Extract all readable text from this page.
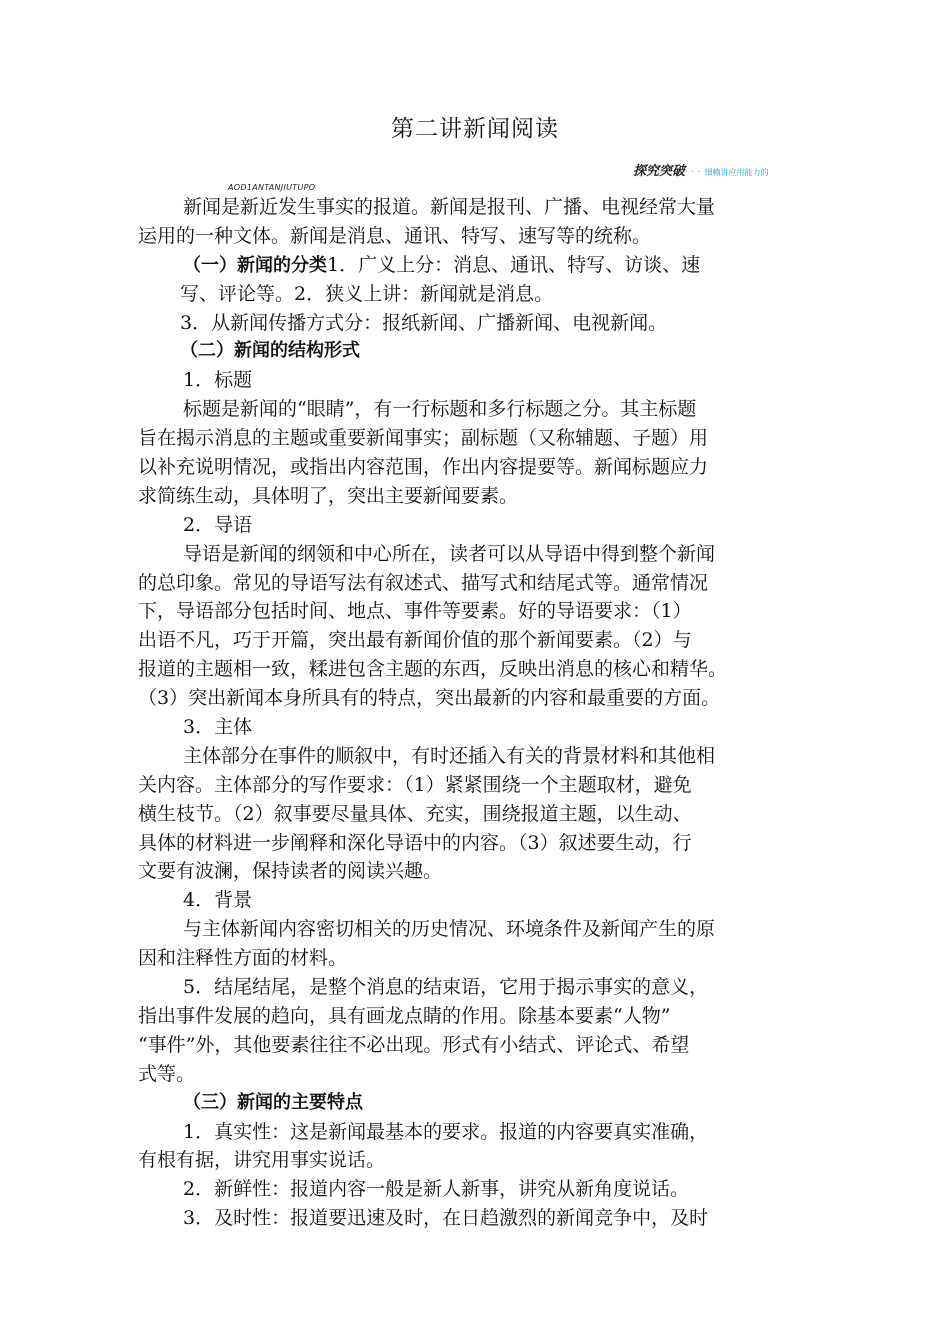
第二讲新闻阅读
探究突破 · · 细赖讲应用能力的
AOD1ANTANJIUTUPO
新闻是新近发生事实的报道。新闻是报刊、广播、电视经常大量
运用的一种文体。新闻是消息、通讯、特写、速写等的统称。
（一）新闻的分类1．广义上分：消息、通讯、特写、访谈、速
写、评论等。2．狭义上讲：新闻就是消息。
3．从新闻传播方式分：报纸新闻、广播新闻、电视新闻。
（二）新闻的结构形式
1．标题
标题是新闻的“眼睛”，有一行标题和多行标题之分。其主标题
旨在揭示消息的主题或重要新闻事实；副标题（又称辅题、子题）用
以补充说明情况，或指出内容范围，作出内容提要等。新闻标题应力
求简练生动，具体明了，突出主要新闻要素。
2．导语
导语是新闻的纲领和中心所在，读者可以从导语中得到整个新闻
的总印象。常见的导语写法有叙述式、描写式和结尾式等。通常情况
下，导语部分包括时间、地点、事件等要素。好的导语要求：（1）
出语不凡，巧于开篇，突出最有新闻价值的那个新闻要素。（2）与
报道的主题相一致，糅进包含主题的东西，反映出消息的核心和精华。
（3）突出新闻本身所具有的特点，突出最新的内容和最重要的方面。
3．主体
主体部分在事件的顺叙中，有时还插入有关的背景材料和其他相
关内容。主体部分的写作要求：（1）紧紧围绕一个主题取材，避免
横生枝节。（2）叙事要尽量具体、充实，围绕报道主题，以生动、
具体的材料进一步阐释和深化导语中的内容。（3）叙述要生动，行
文要有波澜，保持读者的阅读兴趣。
4．背景
与主体新闻内容密切相关的历史情况、环境条件及新闻产生的原
因和注释性方面的材料。
5．结尾结尾，是整个消息的结束语，它用于揭示事实的意义，
指出事件发展的趋向，具有画龙点睛的作用。除基本要素“人物”
“事件”外，其他要素往往不必出现。形式有小结式、评论式、希望
式等。
（三）新闻的主要特点
1．真实性：这是新闻最基本的要求。报道的内容要真实准确，
有根有据，讲究用事实说话。
2．新鲜性：报道内容一般是新人新事，讲究从新角度说话。
3．及时性：报道要迅速及时，在日趋激烈的新闻竞争中，及时
